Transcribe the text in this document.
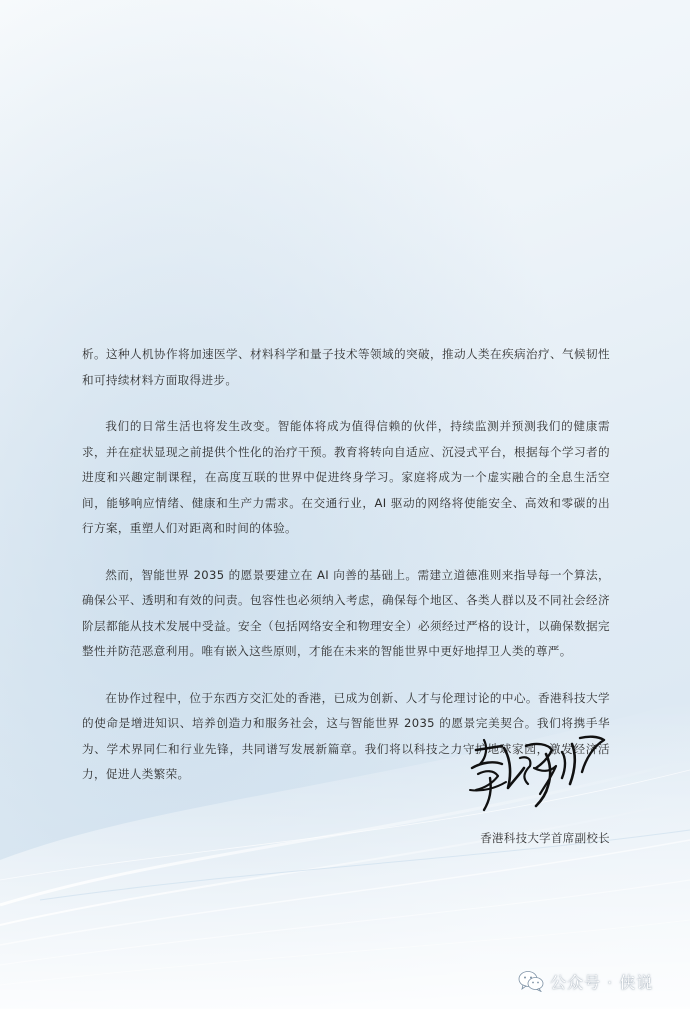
析。这种人机协作将加速医学、材料科学和量子技术等领域的突破，推动人类在疾病治疗、气候韧性和可持续材料方面取得进步。

我们的日常生活也将发生改变。智能体将成为值得信赖的伙伴，持续监测并预测我们的健康需求，并在症状显现之前提供个性化的治疗干预。教育将转向自适应、沉浸式平台，根据每个学习者的进度和兴趣定制课程，在高度互联的世界中促进终身学习。家庭将成为一个虚实融合的全息生活空间，能够响应情绪、健康和生产力需求。在交通行业，AI 驱动的网络将使能安全、高效和零碳的出行方案，重塑人们对距离和时间的体验。

然而，智能世界 2035 的愿景要建立在 AI 向善的基础上。需建立道德准则来指导每一个算法，确保公平、透明和有效的问责。包容性也必须纳入考虑，确保每个地区、各类人群以及不同社会经济阶层都能从技术发展中受益。安全（包括网络安全和物理安全）必须经过严格的设计，以确保数据完整性并防范恶意利用。唯有嵌入这些原则，才能在未来的智能世界中更好地捍卫人类的尊严。

在协作过程中，位于东西方交汇处的香港，已成为创新、人才与伦理讨论的中心。香港科技大学的使命是增进知识、培养创造力和服务社会，这与智能世界 2035 的愿景完美契合。我们将携手华为、学术界同仁和行业先锋，共同谱写发展新篇章。我们将以科技之力守护地球家园，激发经济活力，促进人类繁荣。

香港科技大学首席副校长
公众号 · 侠说
